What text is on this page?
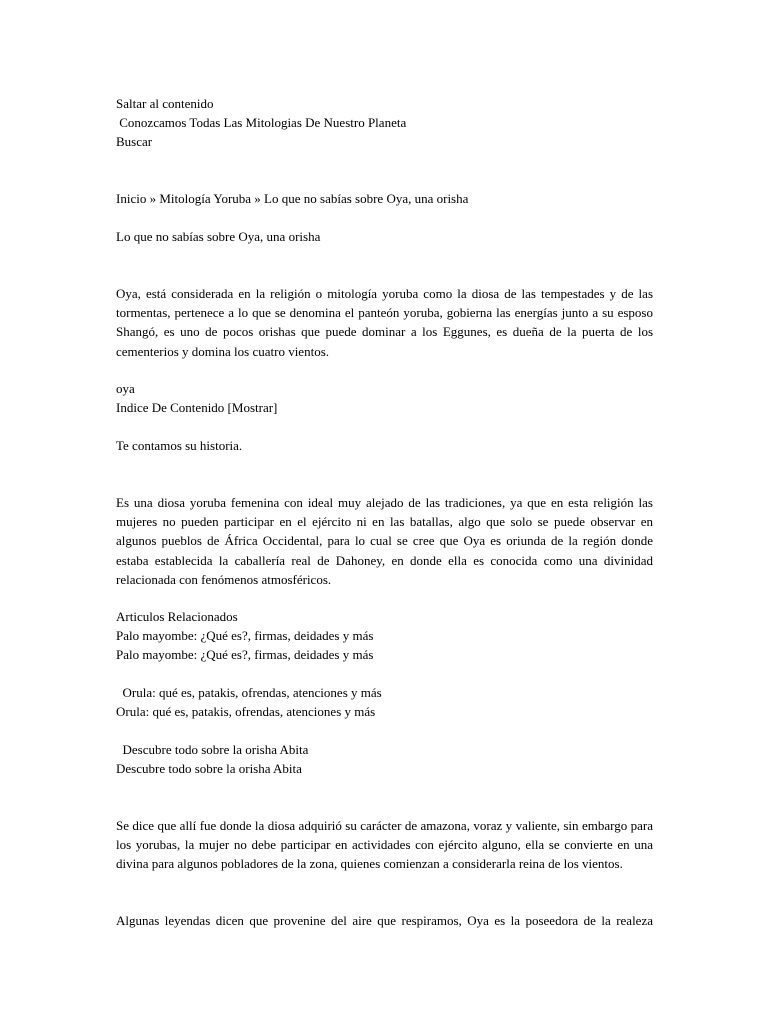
Saltar al contenido
Conozcamos Todas Las Mitologias De Nuestro Planeta
Buscar
Inicio » Mitología Yoruba » Lo que no sabías sobre Oya, una orisha
Lo que no sabías sobre Oya, una orisha

Oya, está considerada en la religión o mitología yoruba como la diosa de las tempestades y de las tormentas, pertenece a lo que se denomina el panteón yoruba, gobierna las energías junto a su esposo Shangó, es uno de pocos orishas que puede dominar a los Eggunes, es dueña de la puerta de los cementerios y domina los cuatro vientos.

oya
Indice De Contenido [Mostrar]

Te contamos su historia.

Es una diosa yoruba femenina con ideal muy alejado de las tradiciones, ya que en esta religión las mujeres no pueden participar en el ejército ni en las batallas, algo que solo se puede observar en algunos pueblos de África Occidental, para lo cual se cree que Oya es oriunda de la región donde estaba establecida la caballería real de Dahoney, en donde ella es conocida como una divinidad relacionada con fenómenos atmosféricos.

Articulos Relacionados
Palo mayombe: ¿Qué es?, firmas, deidades y más
Palo mayombe: ¿Qué es?, firmas, deidades y más
Orula: qué es, patakis, ofrendas, atenciones y más
Orula: qué es, patakis, ofrendas, atenciones y más
Descubre todo sobre la orisha Abita
Descubre todo sobre la orisha Abita

Se dice que allí fue donde la diosa adquirió su carácter de amazona, voraz y valiente, sin embargo para los yorubas, la mujer no debe participar en actividades con ejército alguno, ella se convierte en una divina para algunos pobladores de la zona, quienes comienzan a considerarla reina de los vientos.

Algunas leyendas dicen que provenine del aire que respiramos, Oya es la poseedora de la realeza
